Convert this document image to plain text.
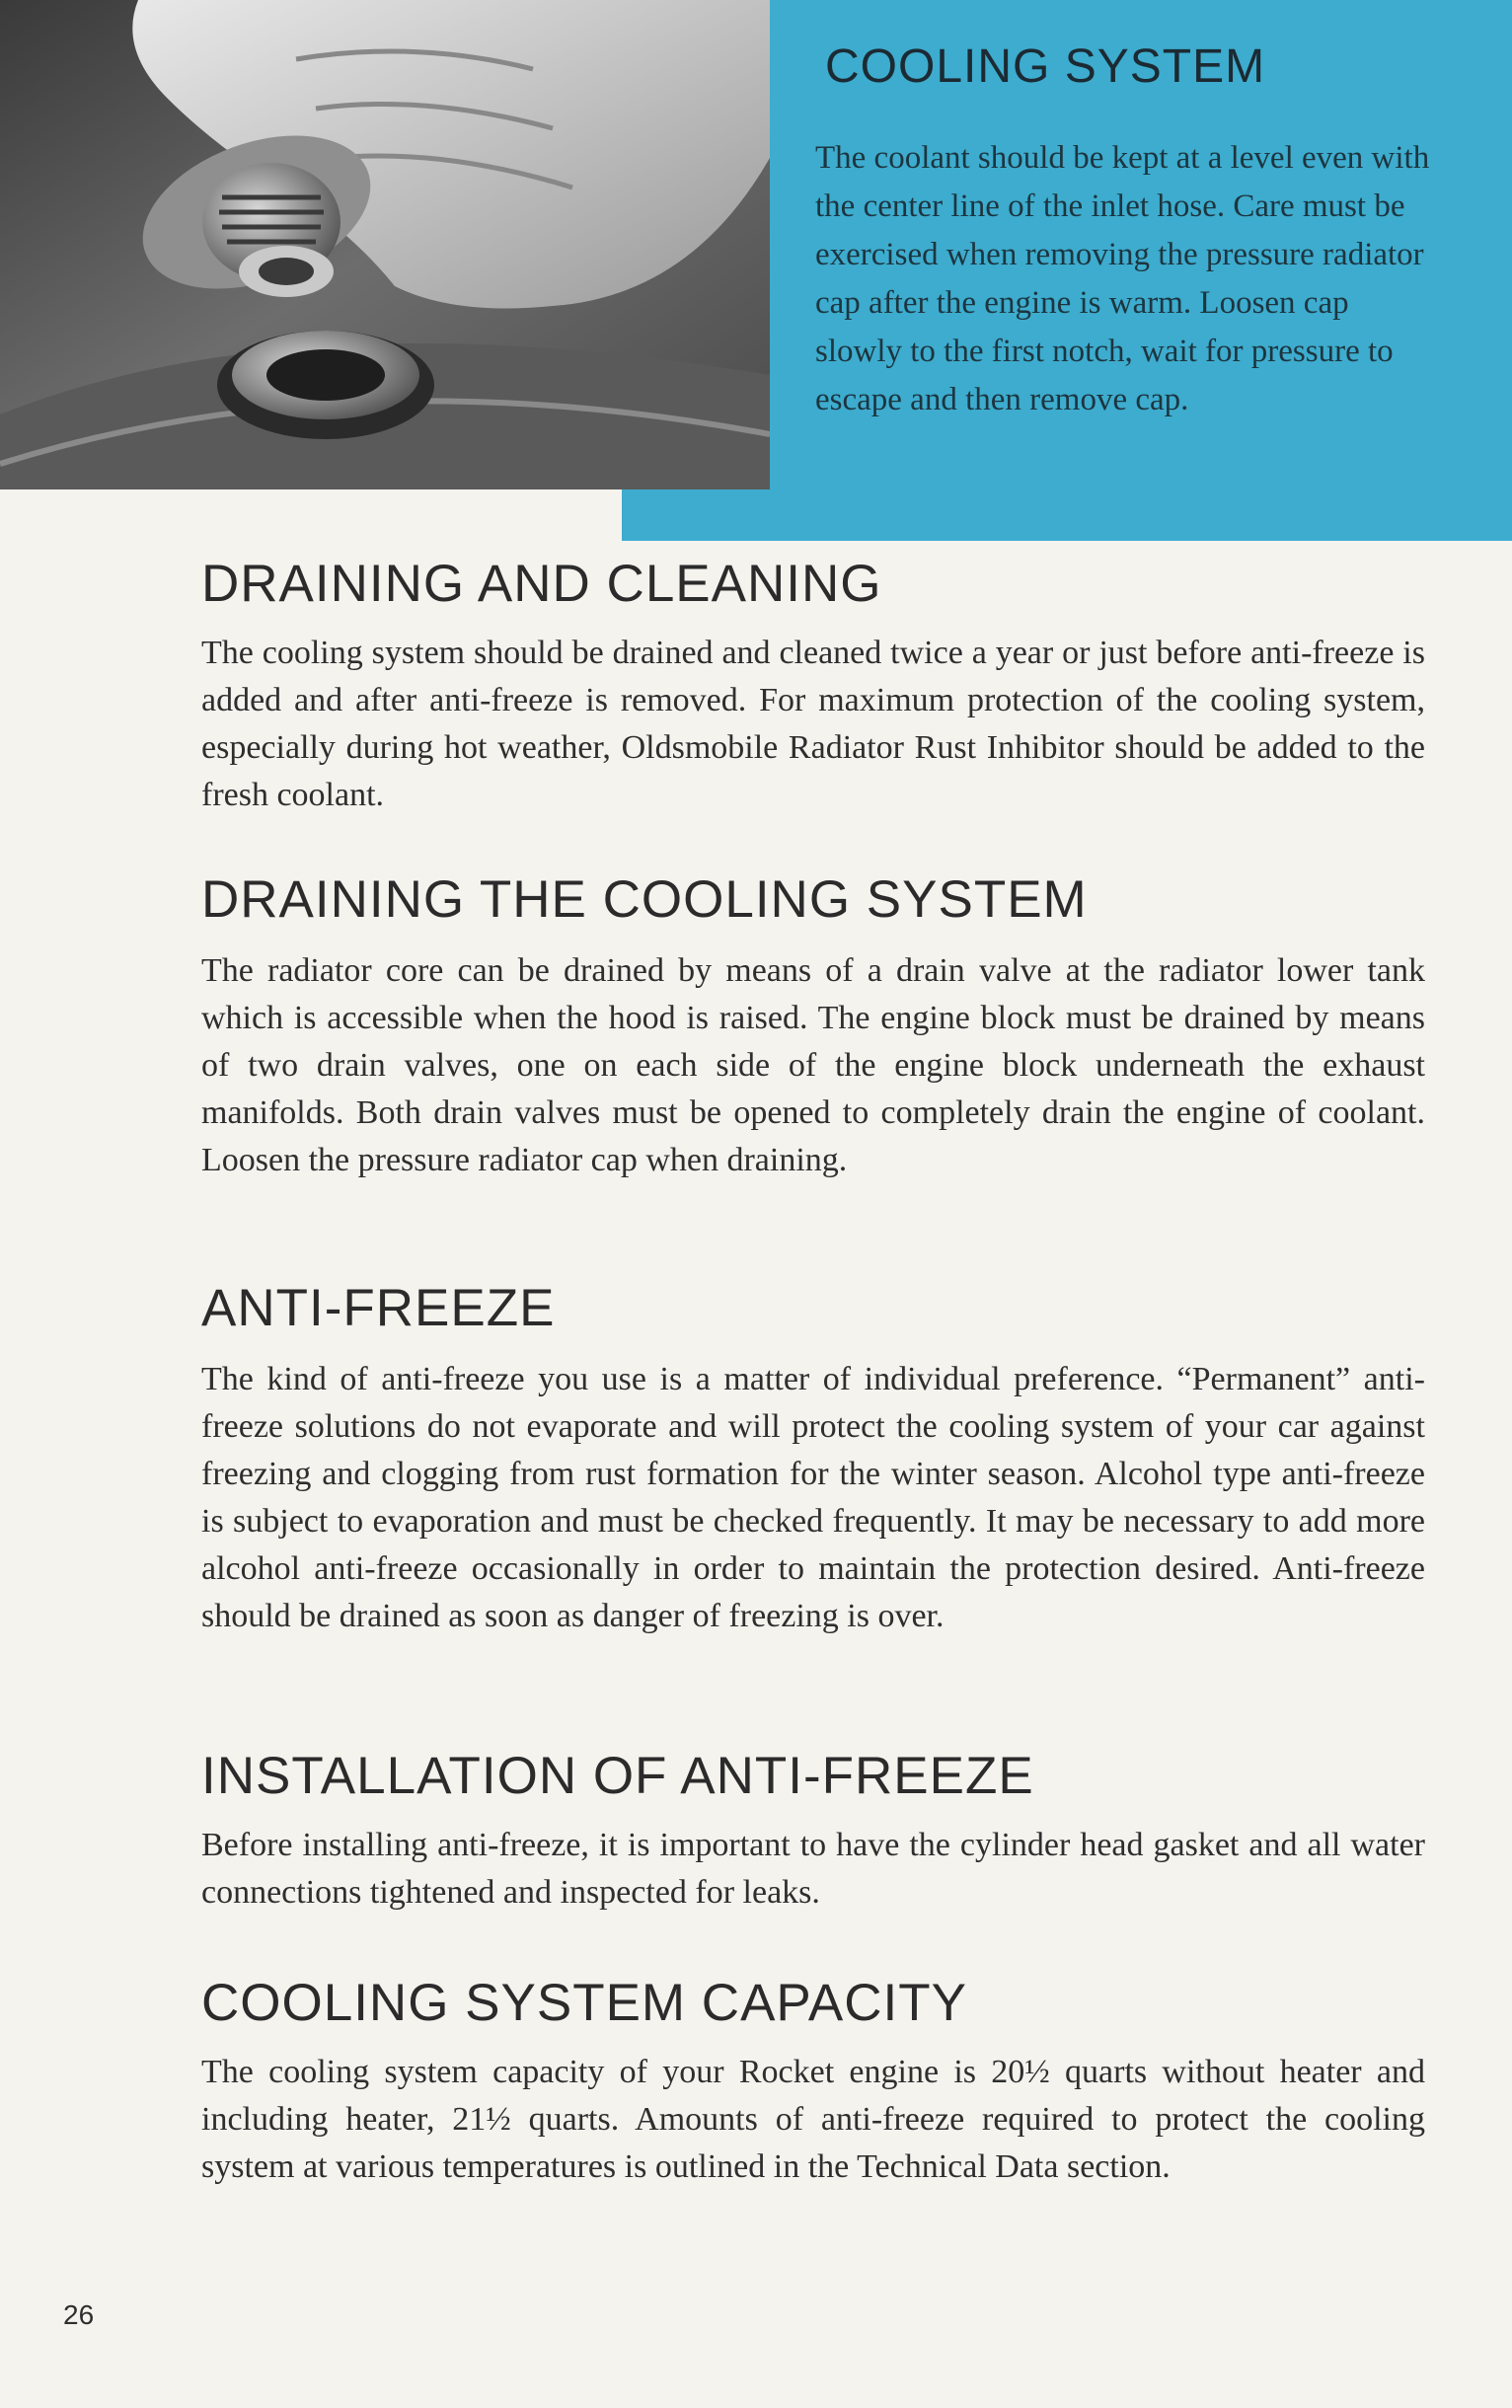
COOLING SYSTEM

The coolant should be kept at a level even with the center line of the inlet hose. Care must be exercised when removing the pressure radiator cap after the engine is warm. Loosen cap slowly to the first notch, wait for pressure to escape and then remove cap.

DRAINING AND CLEANING

The cooling system should be drained and cleaned twice a year or just before anti-freeze is added and after anti-freeze is removed. For maximum protection of the cooling system, especially during hot weather, Oldsmobile Radiator Rust Inhibitor should be added to the fresh coolant.

DRAINING THE COOLING SYSTEM

The radiator core can be drained by means of a drain valve at the radiator lower tank which is accessible when the hood is raised. The engine block must be drained by means of two drain valves, one on each side of the engine block underneath the exhaust manifolds. Both drain valves must be opened to completely drain the engine of coolant. Loosen the pressure radiator cap when draining.

ANTI-FREEZE

The kind of anti-freeze you use is a matter of individual preference. “Permanent” anti-freeze solutions do not evaporate and will protect the cooling system of your car against freezing and clogging from rust formation for the winter season. Alcohol type anti-freeze is subject to evaporation and must be checked frequently. It may be necessary to add more alcohol anti-freeze occasionally in order to maintain the protection desired. Anti-freeze should be drained as soon as danger of freezing is over.

INSTALLATION OF ANTI-FREEZE

Before installing anti-freeze, it is important to have the cylinder head gasket and all water connections tightened and inspected for leaks.

COOLING SYSTEM CAPACITY

The cooling system capacity of your Rocket engine is 20½ quarts without heater and including heater, 21½ quarts. Amounts of anti-freeze required to protect the cooling system at various temperatures is outlined in the Technical Data section.

26
